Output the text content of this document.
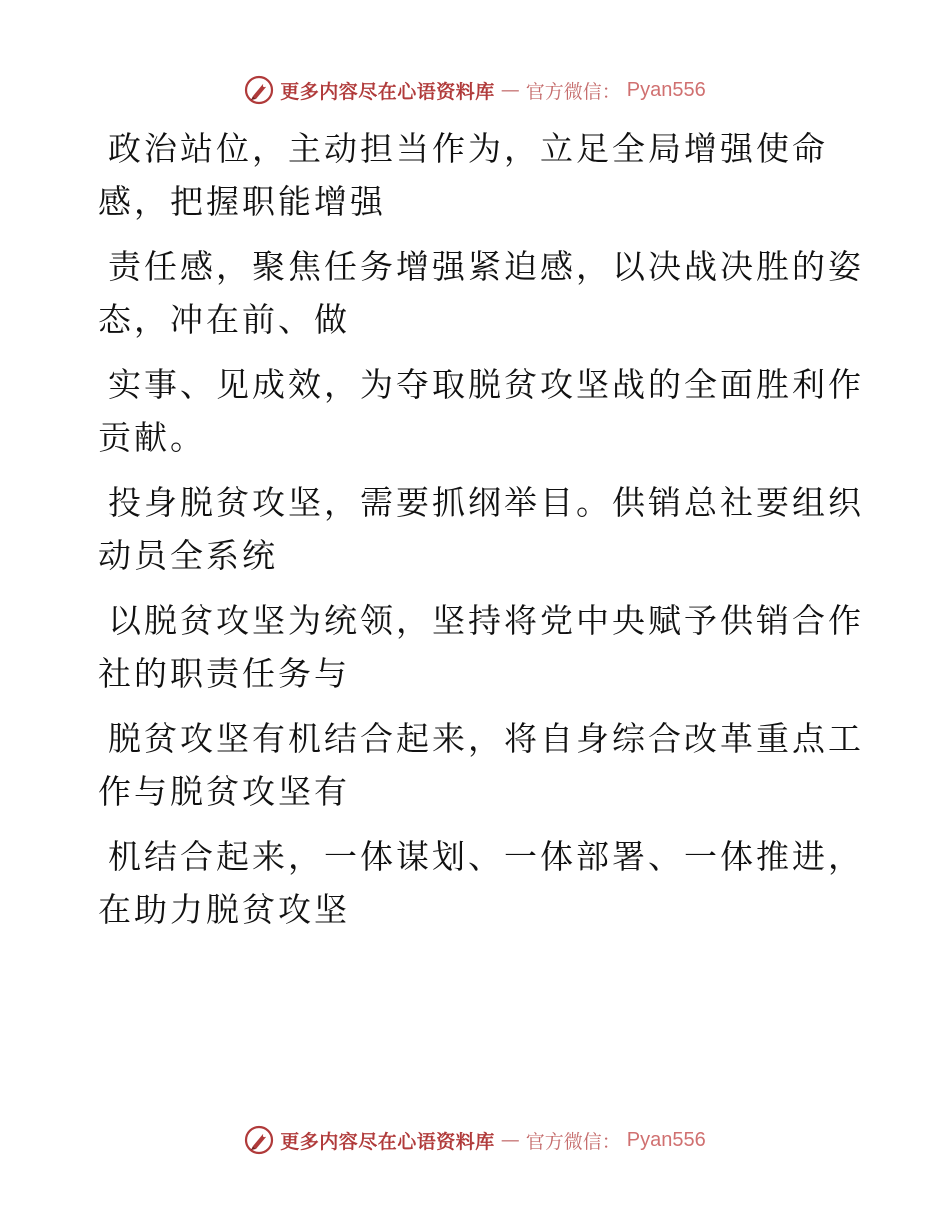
更多内容尽在心语资料库 — 官方微信： Pyan556

政治站位，主动担当作为，立足全局增强使命
感，把握职能增强

责任感，聚焦任务增强紧迫感，以决战决胜的姿
态，冲在前、做

实事、见成效，为夺取脱贫攻坚战的全面胜利作
贡献。

投身脱贫攻坚，需要抓纲举目。供销总社要组织
动员全系统

以脱贫攻坚为统领，坚持将党中央赋予供销合作
社的职责任务与

脱贫攻坚有机结合起来，将自身综合改革重点工
作与脱贫攻坚有

机结合起来，一体谋划、一体部署、一体推进，
在助力脱贫攻坚

更多内容尽在心语资料库 — 官方微信： Pyan556
